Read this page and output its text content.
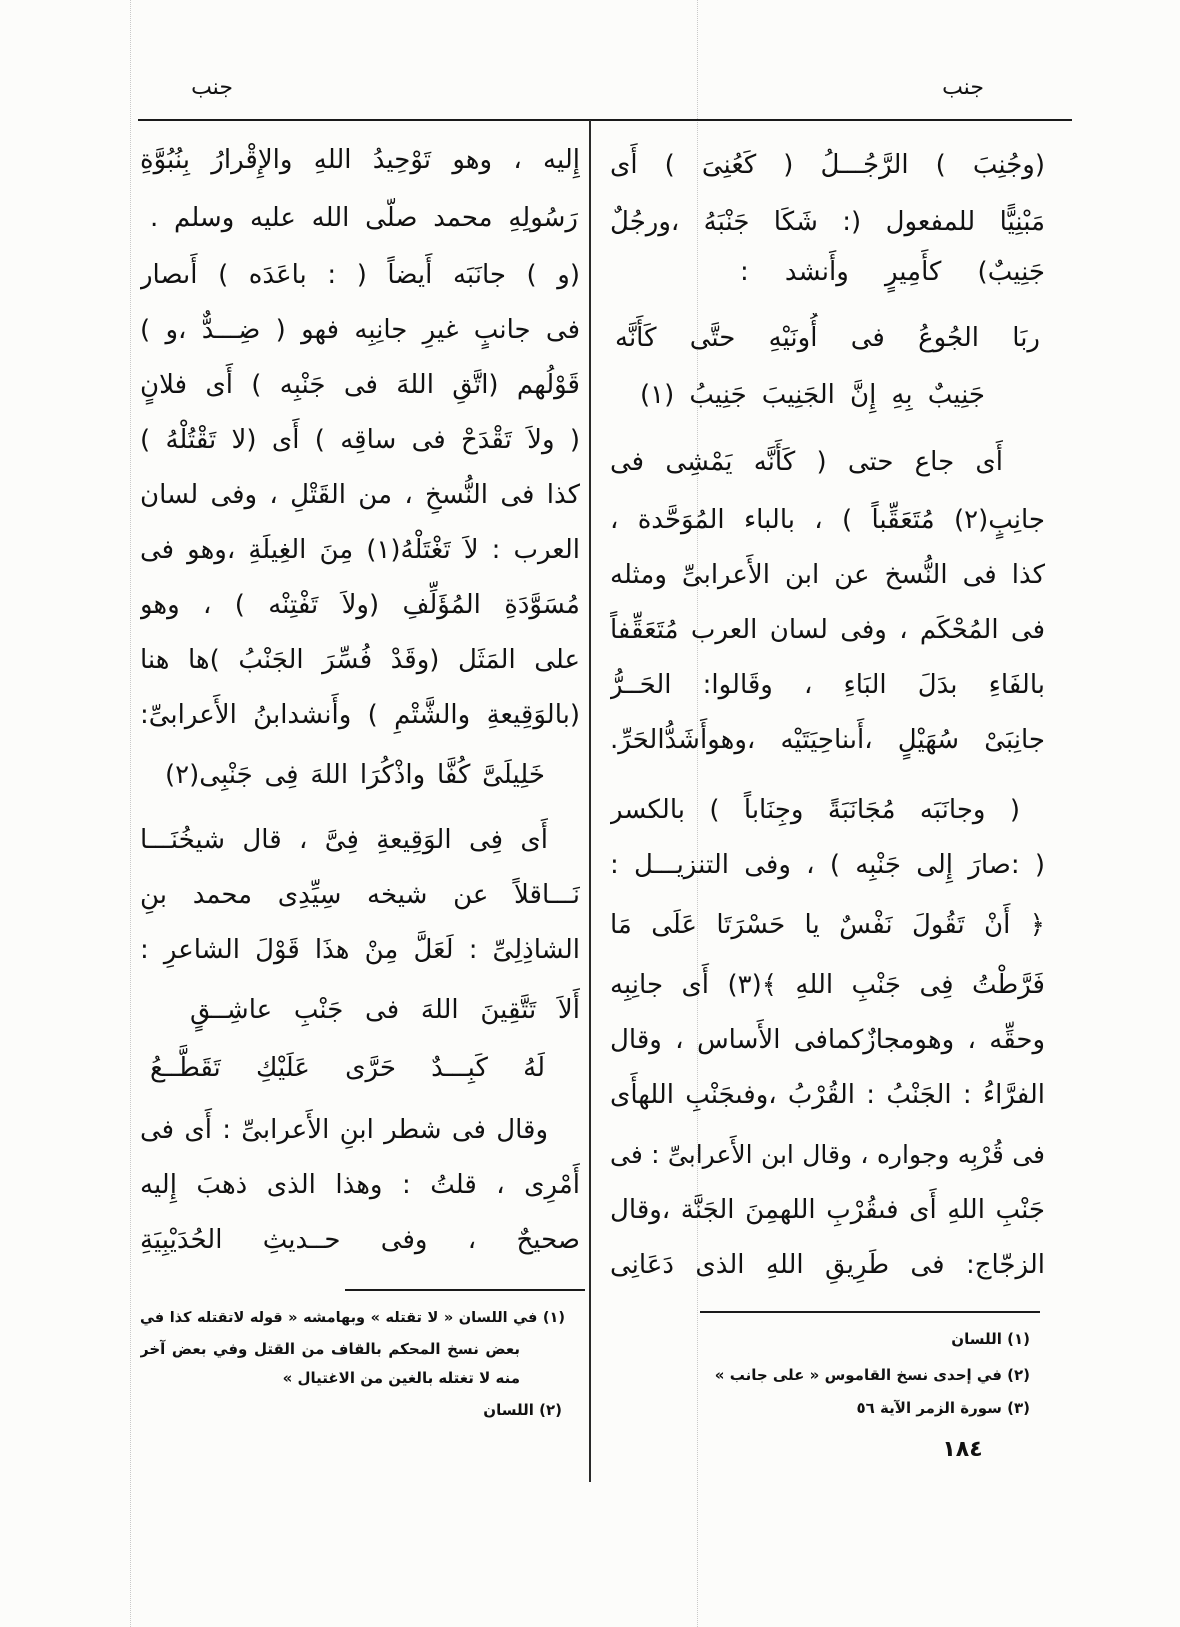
جنب	جنب
(وجُنِبَ ) الرَّجُـــلُ ( كَعُنِىَ ) أَى
مَبْنِيًّا للمفعول (: شَكَا جَنْبَهُ ،ورجُلٌ
جَنِيبٌ) كأَمِيرٍ وأَنشد :
ربَا الجُوعُ فى أُونَيْهِ حتَّى كَأَنَّه
جَنِيبٌ بِهِ إِنَّ الجَنِيبَ جَنِيبُ (١)
أَى جاع حتى ( كَأَنَّه يَمْشِى فى
جانِبٍ(٢) مُتَعَقِّباً ) ، بالباء المُوَحَّدة ،
كذا فى النُّسخ عن ابن الأَعرابىِّ ومثله
فى المُحْكَم ، وفى لسان العرب مُتَعَقِّفاً
بالفَاءِ بدَلَ البَاءِ ، وقَالوا: الحَــرُّ
جانِبَىْ سُهَيْلٍ ،أَىناحِيَتَيْه ،وهوأَشَدُّالحَرِّ.
( وجانَبَه مُجَانَبَةً وجِنَاباً ) بالكسر
( :صارَ إِلى جَنْبِه ) ، وفى التنزيـــل :
﴿ أَنْ تَقُولَ نَفْسٌ يا حَسْرَتَا عَلَى مَا
فَرَّطْتُ فِى جَنْبِ اللهِ ﴾(٣) أَى جانِبِه
وحقِّه ، وهومجازٌكمافى الأَساس ، وقال
الفرَّاءُ : الجَنْبُ : القُرْبُ ،وفىجَنْبِ اللهأَى
فى قُرْبِه وجواره ، وقال ابن الأَعرابىِّ : فى
جَنْبِ اللهِ أَى فىقُرْبِ اللهمِنَ الجَنَّة ،وقال
الزجّاج: فى طَرِيقِ اللهِ الذى دَعَانِى
إِليه ، وهو تَوْحِيدُ اللهِ والإِقْرارُ بِنُبُوَّةِ
رَسُولِهِ محمد صلّى الله عليه وسلم .
(و ) جانَبَه أَيضاً ( : باعَدَه ) أَىصار
فى جانبٍ غيرِ جانِبِه فهو ( ضِـــدٌّ ،و )
قَوْلُهم (اتَّقِ اللهَ فى جَنْبِه ) أَى فلانٍ
( ولاَ تَقْدَحْ فى ساقِه ) أَى (لا تَقْتُلْهُ )
كذا فى النُّسخِ ، من القَتْلِ ، وفى لسان
العرب : لاَ تَغْتَلْهُ(١) مِنَ الغِيلَةِ ،وهو فى
مُسَوَّدَةِ المُؤَلِّفِ (ولاَ تَفْتِنْه ) ، وهو
على المَثَل (وقَدْ فُسِّرَ الجَنْبُ )ها هنا
(بالوَقِيعةِ والشَّتْمِ ) وأَنشدابنُ الأَعرابىِّ:
خَلِيلَىَّ كُفَّا واذْكُرَا اللهَ فِى جَنْبِى(٢)
أَى فِى الوَقِيعةِ فِىَّ ، قال شيخُنَـــا
نَـــاقلاً عن شيخه سِيِّدِى محمد بنِ
الشاذِلِىِّ : لَعَلَّ مِنْ هذَا قَوْلَ الشاعرِ :
أَلاَ تَتَّقِينَ اللهَ فى جَنْبِ عاشِــقٍ
لَهُ كَبِـــدٌ حَرَّى عَلَيْكِ تَقَطَّــعُ
وقال فى شطر ابنِ الأَعرابىِّ : أَى فى
أَمْرِى ، قلتُ : وهذا الذى ذهبَ إِليه
صحيحٌ ، وفى حــديثِ الحُدَيْبِيَةِ
(١) في اللسان « لا تقتله » وبهامشه « قوله لاتقتله كذا في
بعض نسخ المحكم بالقاف من القتل وفي بعض آخر
منه لا تغتله بالغين من الاغتيال »
(٢) اللسان
(١) اللسان
(٢) في إحدى نسخ القاموس « على جانب »
(٣) سورة الزمر الآية ٥٦
١٨٤
